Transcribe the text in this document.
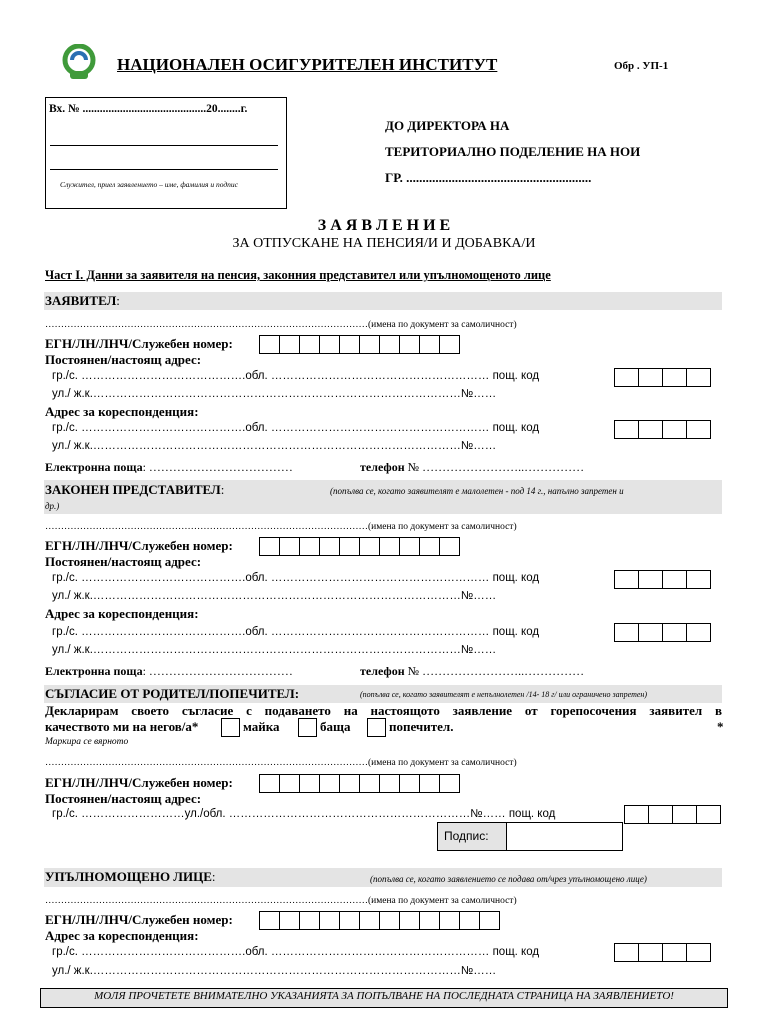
НАЦИОНАЛЕН ОСИГУРИТЕЛЕН ИНСТИТУТ	Обр . УП-1
Вх. № ...........................................20........г.
Служител, приел заявлението – име, фамилия и подпис
ДО ДИРЕКТОРА НА
ТЕРИТОРИАЛНО ПОДЕЛЕНИЕ НА НОИ
ГР. .........................................................
З А Я В Л Е Н И Е
ЗА ОТПУСКАНЕ НА ПЕНСИЯ/И И ДОБАВКА/И
Част І. Данни за заявителя на пенсия, законния представител или упълномощеното лице
ЗАЯВИТЕЛ:
…………………………………………………………………………………………(имена по документ за самоличност)
ЕГН/ЛН/ЛНЧ/Служебен номер:
Постоянен/настоящ адрес:
гр./с. …………………………………….обл. ………………………………………………… пощ. код
ул./ ж.к.……………………………………………………………………………………№……
Адрес за кореспонденция:
гр./с. …………………………………….обл. ………………………………………………… пощ. код
ул./ ж.к.……………………………………………………………………………………№……
Електронна поща: ………………………………	телефон № ……………………..……………
ЗАКОНЕН ПРЕДСТАВИТЕЛ:	(попълва се, когато заявителят е малолетен - под 14 г., напълно запретен и
др.)
…………………………………………………………………………………………(имена по документ за самоличност)
ЕГН/ЛН/ЛНЧ/Служебен номер:
Постоянен/настоящ адрес:
гр./с. …………………………………….обл. ………………………………………………… пощ. код
ул./ ж.к.……………………………………………………………………………………№……
Адрес за кореспонденция:
гр./с. …………………………………….обл. ………………………………………………… пощ. код
ул./ ж.к.……………………………………………………………………………………№……
Електронна поща: ………………………………	телефон № ……………………..……………
СЪГЛАСИЕ ОТ РОДИТЕЛ/ПОПЕЧИТЕЛ:	(попълва се, когато заявителят е непълнолетен /14- 18 г/ или ограничено запретен)
Декларирам своето съгласие с подаването на настоящото заявление от горепосочения заявител в
качеството ми на негов/а*	майка	баща	попечител.	*
Маркира се вярното
…………………………………………………………………………………………(имена по документ за самоличност)
ЕГН/ЛН/ЛНЧ/Служебен номер:
Постоянен/настоящ адрес:
гр./с. ………………………ул./обл. ………………………………………………………№…… пощ. код
Подпис:
УПЪЛНОМОЩЕНО ЛИЦЕ:	(попълва се, когато заявлението се подава от/чрез упълномощено лице)
…………………………………………………………………………………………(имена по документ за самоличност)
ЕГН/ЛН/ЛНЧ/Служебен номер:
Адрес за кореспонденция:
гр./с. …………………………………….обл. ………………………………………………… пощ. код
ул./ ж.к.……………………………………………………………………………………№……
МОЛЯ ПРОЧЕТЕТЕ ВНИМАТЕЛНО УКАЗАНИЯТА ЗА ПОПЪЛВАНЕ НА ПОСЛЕДНАТА СТРАНИЦА НА ЗАЯВЛЕНИЕТО!
